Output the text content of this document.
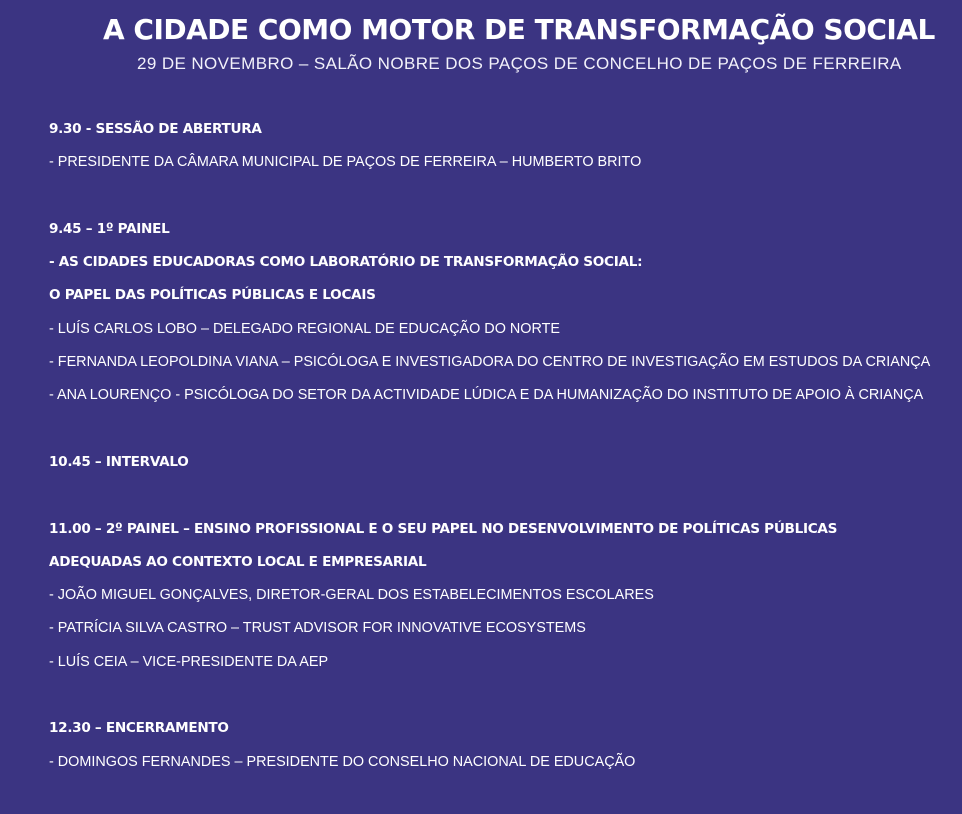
A CIDADE COMO MOTOR DE TRANSFORMAÇÃO SOCIAL
29 DE NOVEMBRO – SALÃO NOBRE DOS PAÇOS DE CONCELHO DE PAÇOS DE FERREIRA
9.30 - SESSÃO DE ABERTURA
- PRESIDENTE DA CÂMARA MUNICIPAL DE PAÇOS DE FERREIRA – HUMBERTO BRITO
9.45 – 1º PAINEL
- AS CIDADES EDUCADORAS COMO LABORATÓRIO DE TRANSFORMAÇÃO SOCIAL:
O PAPEL DAS POLÍTICAS PÚBLICAS E LOCAIS
- LUÍS CARLOS LOBO – DELEGADO REGIONAL DE EDUCAÇÃO DO NORTE
- FERNANDA LEOPOLDINA VIANA – PSICÓLOGA E INVESTIGADORA DO CENTRO DE INVESTIGAÇÃO EM ESTUDOS DA CRIANÇA
- ANA LOURENÇO - PSICÓLOGA DO SETOR DA ACTIVIDADE LÚDICA E DA HUMANIZAÇÃO DO INSTITUTO DE APOIO À CRIANÇA
10.45 – INTERVALO
11.00 – 2º PAINEL – ENSINO PROFISSIONAL E O SEU PAPEL NO DESENVOLVIMENTO DE POLÍTICAS PÚBLICAS
ADEQUADAS AO CONTEXTO LOCAL E EMPRESARIAL
- JOÃO MIGUEL GONÇALVES, DIRETOR-GERAL DOS ESTABELECIMENTOS ESCOLARES
- PATRÍCIA SILVA CASTRO – TRUST ADVISOR FOR INNOVATIVE ECOSYSTEMS
- LUÍS CEIA – VICE-PRESIDENTE DA AEP
12.30 – ENCERRAMENTO
- DOMINGOS FERNANDES – PRESIDENTE DO CONSELHO NACIONAL DE EDUCAÇÃO
